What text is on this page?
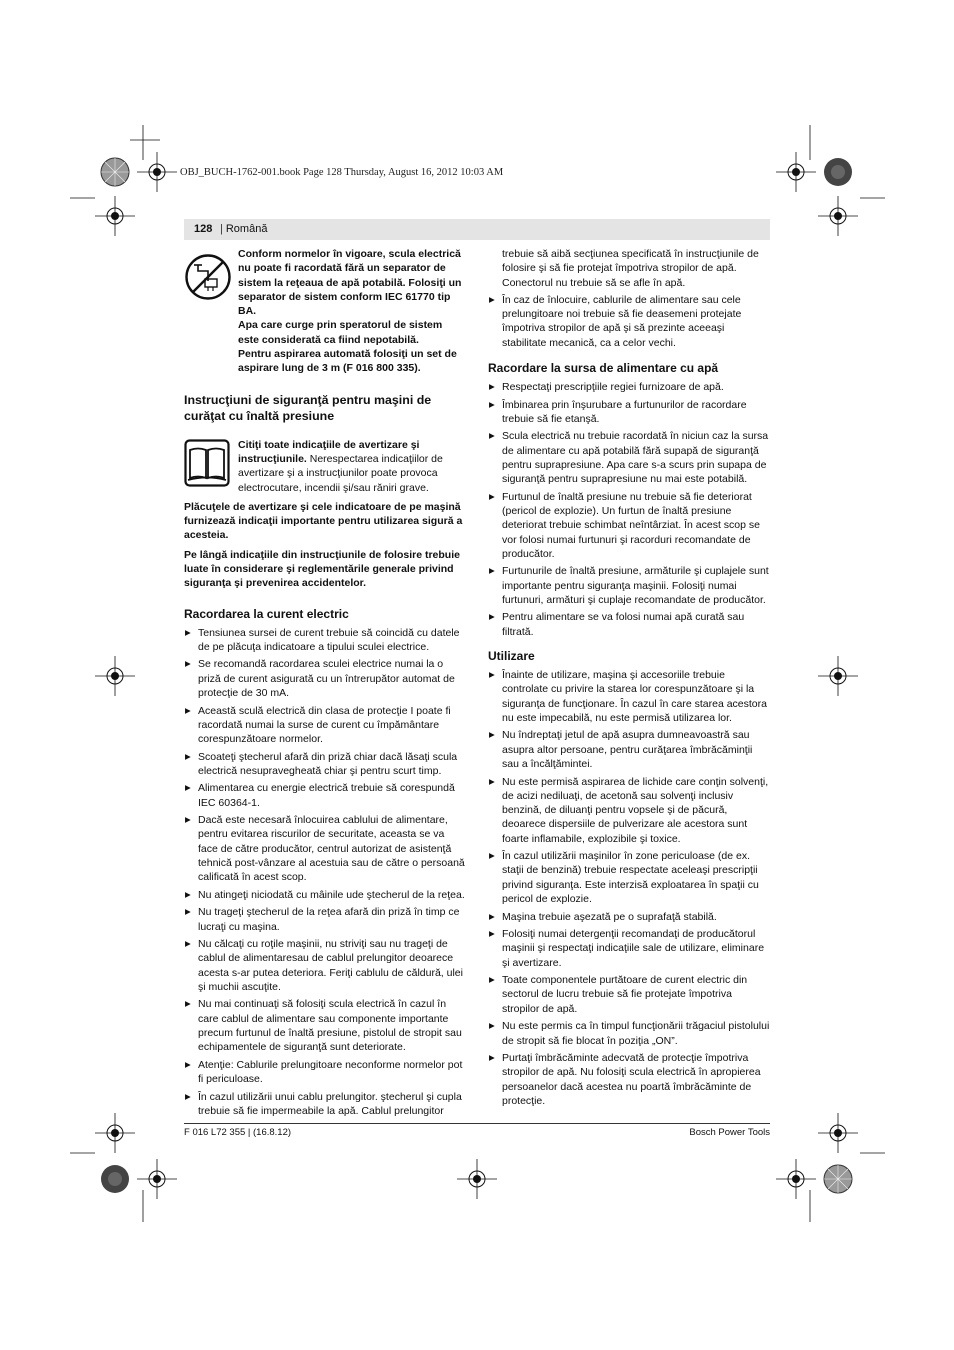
OBJ_BUCH-1762-001.book Page 128 Thursday, August 16, 2012 10:03 AM
128
|	Română

Conform normelor în vigoare, scula electrică nu poate fi racordată fără un separator de sistem la reţeaua de apă potabilă. Folosiţi un separator de sistem conform IEC 61770 tip BA.

Apa care curge prin speratorul de sistem este considerată ca fiind nepotabilă.

Pentru aspirarea automată folosiţi un set de aspirare lung de 3 m (F 016 800 335).

Instrucţiuni de siguranţă pentru maşini de curăţat cu înaltă presiune

Citiţi toate indicaţiile de avertizare şi instrucţiunile. Nerespectarea indicaţiilor de avertizare şi a instrucţiunilor poate provoca electrocutare, incendii şi/sau răniri grave.

Plăcuţele de avertizare şi cele indicatoare de pe maşină furnizează indicaţii importante pentru utilizarea sigură a acesteia.

Pe lângă indicaţiile din instrucţiunile de folosire trebuie luate în considerare şi reglementările generale privind siguranţa şi prevenirea accidentelor.

Racordarea la curent electric

▶ Tensiunea sursei de curent trebuie să coincidă cu datele de pe plăcuţa indicatoare a tipului sculei electrice.
▶ Se recomandă racordarea sculei electrice numai la o priză de curent asigurată cu un întrerupător automat de protecţie de 30 mA.
▶ Această sculă electrică din clasa de protecţie I poate fi racordată numai la surse de curent cu împământare corespunzătoare normelor.
▶ Scoateţi ştecherul afară din priză chiar dacă lăsaţi scula electrică nesupravegheată chiar şi pentru scurt timp.
▶ Alimentarea cu energie electrică trebuie să corespundă IEC 60364-1.
▶ Dacă este necesară înlocuirea cablului de alimentare, pentru evitarea riscurilor de securitate, aceasta se va face de către producător, centrul autorizat de asistenţă tehnică post-vânzare al acestuia sau de către o persoană calificată în acest scop.
▶ Nu atingeţi niciodată cu mâinile ude ştecherul de la reţea.
▶ Nu trageţi ştecherul de la reţea afară din priză în timp ce lucraţi cu maşina.
▶ Nu călcaţi cu roţile maşinii, nu striviţi sau nu trageţi de cablul de alimentaresau de cablul prelungitor deoarece acesta s-ar putea deteriora. Feriţi cablulu de căldură, ulei şi muchii ascuţite.
▶ Nu mai continuaţi să folosiţi scula electrică în cazul în care cablul de alimentare sau componente importante precum furtunul de înaltă presiune, pistolul de stropit sau echipamentele de siguranţă sunt deteriorate.
▶ Atenţie: Cablurile prelungitoare neconforme normelor pot fi periculoase.
▶ În cazul utilizării unui cablu prelungitor. ştecherul şi cupla trebuie să fie impermeabile la apă. Cablul prelungitor

trebuie să aibă secţiunea specificată în instrucţiunile de folosire şi să fie protejat împotriva stropilor de apă. Conectorul nu trebuie să se afle în apă.

▶ În caz de înlocuire, cablurile de alimentare sau cele prelungitoare noi trebuie să fie deasemeni protejate împotriva stropilor de apă şi să prezinte aceeaşi stabilitate mecanică, ca a celor vechi.

Racordare la sursa de alimentare cu apă

▶ Respectaţi prescripţiile regiei furnizoare de apă.
▶ Îmbinarea prin înşurubare a furtunurilor de racordare trebuie să fie etanşă.
▶ Scula electrică nu trebuie racordată în niciun caz la sursa de alimentare cu apă potabilă fără supapă de siguranţă pentru suprapresiune. Apa care s-a scurs prin supapa de siguranţă pentru suprapresiune nu mai este potabilă.
▶ Furtunul de înaltă presiune nu trebuie să fie deteriorat (pericol de explozie). Un furtun de înaltă presiune deteriorat trebuie schimbat neîntârziat. În acest scop se vor folosi numai furtunuri şi racorduri recomandate de producător.
▶ Furtunurile de înaltă presiune, armăturile şi cuplajele sunt importante pentru siguranţa maşinii. Folosiţi numai furtunuri, armături şi cuplaje recomandate de producător.
▶ Pentru alimentare se va folosi numai apă curată sau filtrată.

Utilizare

▶ Înainte de utilizare, maşina şi accesoriile trebuie controlate cu privire la starea lor corespunzătoare şi la siguranţa de funcţionare. În cazul în care starea acestora nu este impecabilă, nu este permisă utilizarea lor.
▶ Nu îndreptaţi jetul de apă asupra dumneavoastră sau asupra altor persoane, pentru curăţarea îmbrăcăminţii sau a încălţămintei.
▶ Nu este permisă aspirarea de lichide care conţin solvenţi, de acizi nediluaţi, de acetonă sau solvenţi inclusiv benzină, de diluanţi pentru vopsele şi de păcură, deoarece dispersiile de pulverizare ale acestora sunt foarte inflamabile, explozibile şi toxice.
▶ În cazul utilizării maşinilor în zone periculoase (de ex. staţii de benzină) trebuie respectate aceleaşi prescripţii privind siguranţa. Este interzisă exploatarea în spaţii cu pericol de explozie.
▶ Maşina trebuie aşezată pe o suprafaţă stabilă.
▶ Folosiţi numai detergenţii recomandaţi de producătorul maşinii şi respectaţi indicaţiile sale de utilizare, eliminare şi avertizare.
▶ Toate componentele purtătoare de curent electric din sectorul de lucru trebuie să fie protejate împotriva stropilor de apă.
▶ Nu este permis ca în timpul funcţionării trăgaciul pistolului de stropit să fie blocat în poziţia „ON”.
▶ Purtaţi îmbrăcăminte adecvată de protecţie împotriva stropilor de apă. Nu folosiţi scula electrică în apropierea persoanelor dacă acestea nu poartă îmbrăcăminte de protecţie.
F 016 L72 355 | (16.8.12)	Bosch Power Tools
